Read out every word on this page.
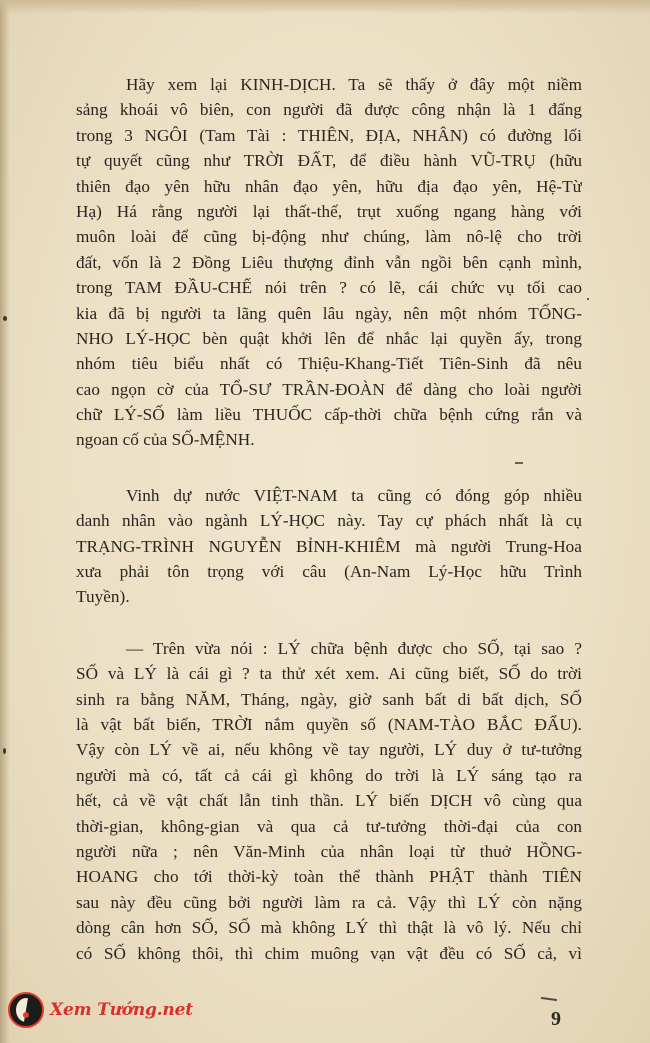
Hãy xem lại KINH-DỊCH. Ta sẽ thấy ở đây một niềm
sảng khoái vô biên, con người đã được công nhận là 1 đấng
trong 3 NGÔI (Tam Tài : THIÊN, ĐỊA, NHÂN) có đường lối
tự quyết cũng như TRỜI ĐẤT, để điều hành VŨ-TRỤ (hữu
thiên đạo yên hữu nhân đạo yên, hữu địa đạo yên, Hệ-Từ
Hạ) Há rằng người lại thất-thế, trụt xuống ngang hàng với
muôn loài để cũng bị-động như chúng, làm nô-lệ cho trời
đất, vốn là 2 Đồng Liêu thượng đỉnh vẫn ngồi bên cạnh mình,
trong TAM ĐẦU-CHẾ nói trên ? có lẽ, cái chức vụ tối cao
kia đã bị người ta lãng quên lâu ngày, nên một nhóm TỐNG-
NHO LÝ-HỌC bèn quật khởi lên để nhắc lại quyền ấy, trong
nhóm tiêu biểu nhất có Thiệu-Khang-Tiết Tiên-Sinh đã nêu
cao ngọn cờ của TỔ-SƯ TRẦN-ĐOÀN để dàng cho loài người
chữ LÝ-SỐ làm liều THUỐC cấp-thời chữa bệnh cứng rắn và
ngoan cố của SỐ-MỆNH.
Vinh dự nước VIỆT-NAM ta cũng có đóng góp nhiều
danh nhân vào ngành LÝ-HỌC này. Tay cự phách nhất là cụ
TRẠNG-TRÌNH NGUYỄN BỈNH-KHIÊM mà người Trung-Hoa
xưa phải tôn trọng với câu (An-Nam Lý-Học hữu Trình
Tuyền).
— Trên vừa nói : LÝ chữa bệnh được cho SỐ, tại sao ?
SỐ và LÝ là cái gì ? ta thử xét xem. Ai cũng biết, SỐ do trời
sinh ra bằng NĂM, Tháng, ngày, giờ sanh bất di bất dịch, SỐ
là vật bất biến, TRỜI nắm quyền số (NAM-TÀO BẮC ĐẨU).
Vậy còn LÝ về ai, nếu không về tay người, LÝ duy ở tư-tưởng
người mà có, tất cả cái gì không do trời là LÝ sáng tạo ra
hết, cả về vật chất lẫn tinh thần. LÝ biến DỊCH vô cùng qua
thời-gian, không-gian và qua cả tư-tưởng thời-đại của con
người nữa ; nên Văn-Minh của nhân loại từ thuở HỒNG-
HOANG cho tới thời-kỳ toàn thể thành PHẬT thành TIÊN
sau này đều cũng bởi người làm ra cả. Vậy thì LÝ còn nặng
dòng cân hơn SỐ, SỐ mà không LÝ thì thật là vô lý. Nếu chỉ
có SỐ không thôi, thì chim muông vạn vật đều có SỐ cả, vì
9
Xem Tướng.net
